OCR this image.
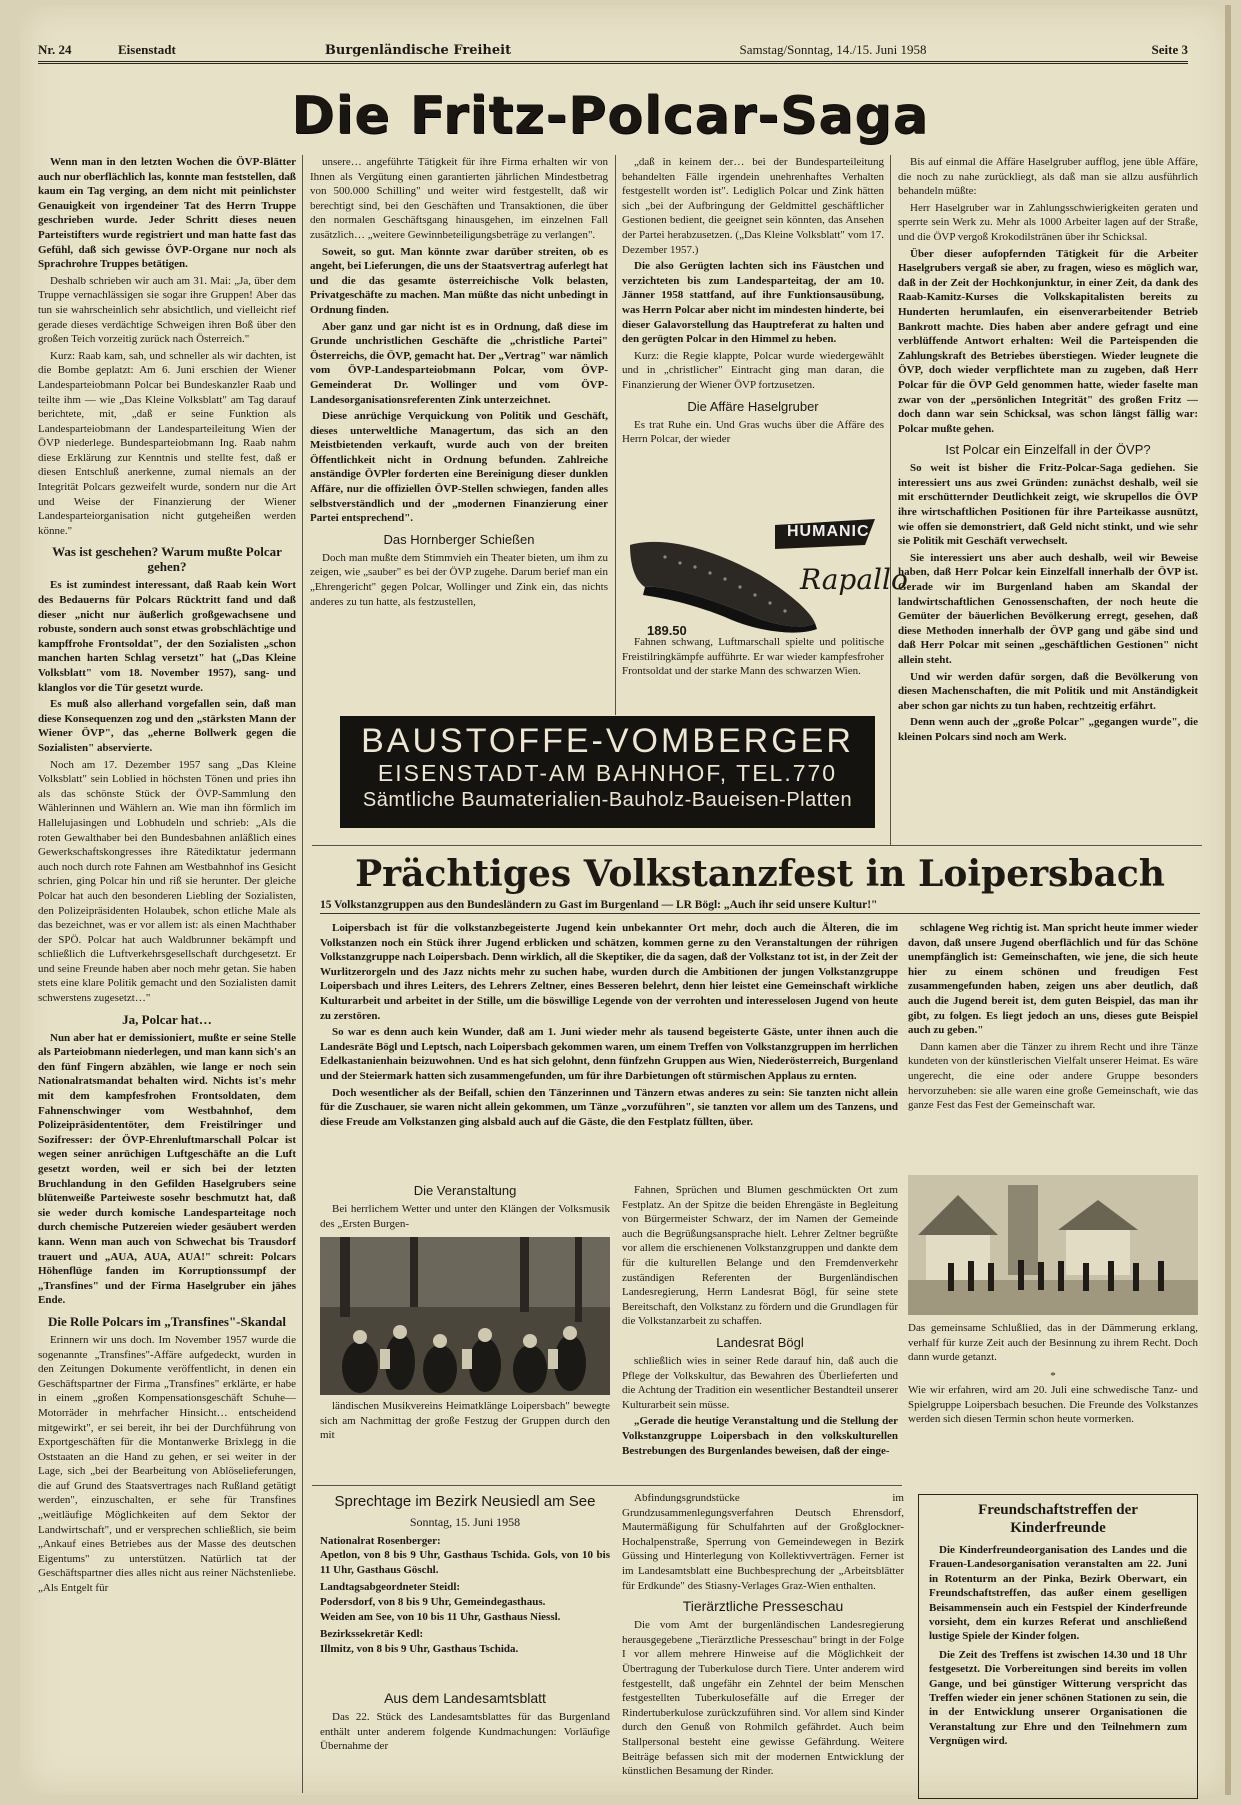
Nr. 24	Eisenstadt	Burgenländische Freiheit	Samstag/Sonntag, 14./15. Juni 1958	Seite 3
Die Fritz-Polcar-Saga

Wenn man in den letzten Wochen die ÖVP-Blätter auch nur oberflächlich las, konnte man feststellen, daß kaum ein Tag verging, an dem nicht mit peinlichster Genauigkeit von irgendeiner Tat des Herrn Truppe geschrieben wurde. Jeder Schritt dieses neuen Parteistifters wurde registriert und man hatte fast das Gefühl, daß sich gewisse ÖVP-Organe nur noch als Sprachrohre Truppes betätigen.

Deshalb schrieben wir auch am 31. Mai: „Ja, über dem Truppe vernachlässigen sie sogar ihre Gruppen! Aber das tun sie wahrscheinlich sehr absichtlich, und vielleicht rief gerade dieses verdächtige Schweigen ihren Boß über den großen Teich vorzeitig zurück nach Österreich."

Kurz: Raab kam, sah, und schneller als wir dachten, ist die Bombe geplatzt: Am 6. Juni erschien der Wiener Landesparteiobmann Polcar bei Bundeskanzler Raab und teilte ihm — wie „Das Kleine Volksblatt" am Tag darauf berichtete, mit, „daß er seine Funktion als Landesparteiobmann der Landesparteileitung Wien der ÖVP niederlege. Bundesparteiobmann Ing. Raab nahm diese Erklärung zur Kenntnis und stellte fest, daß er diesen Entschluß anerkenne, zumal niemals an der Integrität Polcars gezweifelt wurde, sondern nur die Art und Weise der Finanzierung der Wiener Landesparteiorganisation nicht gutgeheißen werden könne."

Was ist geschehen? Warum mußte Polcar gehen?

Es ist zumindest interessant, daß Raab kein Wort des Bedauerns für Polcars Rücktritt fand und daß dieser „nicht nur äußerlich großgewachsene und robuste, sondern auch sonst etwas grobschlächtige und kampffrohe Frontsoldat", der den Sozialisten „schon manchen harten Schlag versetzt" hat („Das Kleine Volksblatt" vom 18. November 1957), sang- und klanglos vor die Tür gesetzt wurde.

Es muß also allerhand vorgefallen sein, daß man diese Konsequenzen zog und den „stärksten Mann der Wiener ÖVP", das „eherne Bollwerk gegen die Sozialisten" abservierte.

Noch am 17. Dezember 1957 sang „Das Kleine Volksblatt" sein Loblied in höchsten Tönen und pries ihn als das schönste Stück der ÖVP-Sammlung den Wählerinnen und Wählern an. Wie man ihn förmlich im Hallelujasingen und Lobhudeln und schrieb: „Als die roten Gewalthaber bei den Bundesbahnen anläßlich eines Gewerkschaftskongresses ihre Rätediktatur jedermann auch noch durch rote Fahnen am Westbahnhof ins Gesicht schrien, ging Polcar hin und riß sie herunter. Der gleiche Polcar hat auch den besonderen Liebling der Sozialisten, den Polizeipräsidenten Holaubek, schon etliche Male als das bezeichnet, was er vor allem ist: als einen Machthaber der SPÖ. Polcar hat auch Waldbrunner bekämpft und schließlich die Luftverkehrsgesellschaft durchgesetzt. Er und seine Freunde haben aber noch mehr getan. Sie haben stets eine klare Politik gemacht und den Sozialisten damit schwerstens zugesetzt…"

Ja, Polcar hat…

Nun aber hat er demissioniert, mußte er seine Stelle als Parteiobmann niederlegen, und man kann sich's an den fünf Fingern abzählen, wie lange er noch sein Nationalratsmandat behalten wird. Nichts ist's mehr mit dem kampfesfrohen Frontsoldaten, dem Fahnenschwinger vom Westbahnhof, dem Polizeipräsidententöter, dem Freistilringer und Sozifresser: der ÖVP-Ehrenluftmarschall Polcar ist wegen seiner anrüchigen Luftgeschäfte an die Luft gesetzt worden, weil er sich bei der letzten Bruchlandung in den Gefilden Haselgrubers seine blütenweiße Parteiweste sosehr beschmutzt hat, daß sie weder durch komische Landesparteitage noch durch chemische Putzereien wieder gesäubert werden kann. Wenn man auch von Schwechat bis Trausdorf trauert und „AUA, AUA, AUA!" schreit: Polcars Höhenflüge fanden im Korruptionssumpf der „Transfines" und der Firma Haselgruber ein jähes Ende.

Die Rolle Polcars im „Transfines"-Skandal

Erinnern wir uns doch. Im November 1957 wurde die sogenannte „Transfines"-Affäre aufgedeckt, wurden in den Zeitungen Dokumente veröffentlicht, in denen ein Geschäftspartner der Firma „Transfines" erklärte, er habe in einem „großen Kompensationsgeschäft Schuhe—Motorräder in mehrfacher Hinsicht… entscheidend mitgewirkt", er sei bereit, ihr bei der Durchführung von Exportgeschäften für die Montanwerke Brixlegg in die Oststaaten an die Hand zu gehen, er sei weiter in der Lage, sich „bei der Bearbeitung von Ablöselieferungen, die auf Grund des Staatsvertrages nach Rußland getätigt werden", einzuschalten, er sehe für Transfines „weitläufige Möglichkeiten auf dem Sektor der Landwirtschaft", und er versprechen schließlich, sie beim „Ankauf eines Betriebes aus der Masse des deutschen Eigentums" zu unterstützen. Natürlich tat der Geschäftspartner dies alles nicht aus reiner Nächstenliebe. „Als Entgelt für

unsere… angeführte Tätigkeit für ihre Firma erhalten wir von Ihnen als Vergütung einen garantierten jährlichen Mindestbetrag von 500.000 Schilling" und weiter wird festgestellt, daß wir berechtigt sind, bei den Geschäften und Transaktionen, die über den normalen Geschäftsgang hinausgehen, im einzelnen Fall zusätzlich… „weitere Gewinnbeteiligungsbeträge zu verlangen".

Soweit, so gut. Man könnte zwar darüber streiten, ob es angeht, bei Lieferungen, die uns der Staatsvertrag auferlegt hat und die das gesamte österreichische Volk belasten, Privatgeschäfte zu machen. Man müßte das nicht unbedingt in Ordnung finden.

Aber ganz und gar nicht ist es in Ordnung, daß diese im Grunde unchristlichen Geschäfte die „christliche Partei" Österreichs, die ÖVP, gemacht hat. Der „Vertrag" war nämlich vom ÖVP-Landesparteiobmann Polcar, vom ÖVP-Gemeinderat Dr. Wollinger und vom ÖVP-Landesorganisationsreferenten Zink unterzeichnet.

Diese anrüchige Verquickung von Politik und Geschäft, dieses unterweltliche Managertum, das sich an den Meistbietenden verkauft, wurde auch von der breiten Öffentlichkeit nicht in Ordnung befunden. Zahlreiche anständige ÖVPler forderten eine Bereinigung dieser dunklen Affäre, nur die offiziellen ÖVP-Stellen schwiegen, fanden alles selbstverständlich und der „modernen Finanzierung einer Partei entsprechend".

Das Hornberger Schießen

Doch man mußte dem Stimmvieh ein Theater bieten, um ihm zu zeigen, wie „sauber" es bei der ÖVP zugehe. Darum berief man ein „Ehrengericht" gegen Polcar, Wollinger und Zink ein, das nichts anderes zu tun hatte, als festzustellen,

„daß in keinem der… bei der Bundesparteileitung behandelten Fälle irgendein unehrenhaftes Verhalten festgestellt worden ist". Lediglich Polcar und Zink hätten sich „bei der Aufbringung der Geldmittel geschäftlicher Gestionen bedient, die geeignet sein könnten, das Ansehen der Partei herabzusetzen. („Das Kleine Volksblatt" vom 17. Dezember 1957.)

Die also Gerügten lachten sich ins Fäustchen und verzichteten bis zum Landesparteitag, der am 10. Jänner 1958 stattfand, auf ihre Funktionsausübung, was Herrn Polcar aber nicht im mindesten hinderte, bei dieser Galavorstellung das Hauptreferat zu halten und den gerügten Polcar in den Himmel zu heben.

Kurz: die Regie klappte, Polcar wurde wiedergewählt und in „christlicher" Eintracht ging man daran, die Finanzierung der Wiener ÖVP fortzusetzen.

Die Affäre Haselgruber

Es trat Ruhe ein. Und Gras wuchs über die Affäre des Herrn Polcar, der wieder

HUMANIC
Rapallo
189.50

Fahnen schwang, Luftmarschall spielte und politische Freistilringkämpfe aufführte. Er war wieder kampfesfroher Frontsoldat und der starke Mann des schwarzen Wien.

Bis auf einmal die Affäre Haselgruber aufflog, jene üble Affäre, die noch zu nahe zurückliegt, als daß man sie allzu ausführlich behandeln müßte:

Herr Haselgruber war in Zahlungsschwierigkeiten geraten und sperrte sein Werk zu. Mehr als 1000 Arbeiter lagen auf der Straße, und die ÖVP vergoß Krokodilstränen über ihr Schicksal.

Über dieser aufopfernden Tätigkeit für die Arbeiter Haselgrubers vergaß sie aber, zu fragen, wieso es möglich war, daß in der Zeit der Hochkonjunktur, in einer Zeit, da dank des Raab-Kamitz-Kurses die Volkskapitalisten bereits zu Hunderten herumlaufen, ein eisenverarbeitender Betrieb Bankrott machte. Dies haben aber andere gefragt und eine verblüffende Antwort erhalten: Weil die Parteispenden die Zahlungskraft des Betriebes überstiegen. Wieder leugnete die ÖVP, doch wieder verpflichtete man zu zugeben, daß Herr Polcar für die ÖVP Geld genommen hatte, wieder faselte man zwar von der „persönlichen Integrität" des großen Fritz — doch dann war sein Schicksal, was schon längst fällig war: Polcar mußte gehen.

Ist Polcar ein Einzelfall in der ÖVP?

So weit ist bisher die Fritz-Polcar-Saga gediehen. Sie interessiert uns aus zwei Gründen: zunächst deshalb, weil sie mit erschütternder Deutlichkeit zeigt, wie skrupellos die ÖVP ihre wirtschaftlichen Positionen für ihre Parteikasse ausnützt, wie offen sie demonstriert, daß Geld nicht stinkt, und wie sehr sie Politik mit Geschäft verwechselt.

Sie interessiert uns aber auch deshalb, weil wir Beweise haben, daß Herr Polcar kein Einzelfall innerhalb der ÖVP ist. Gerade wir im Burgenland haben am Skandal der landwirtschaftlichen Genossenschaften, der noch heute die Gemüter der bäuerlichen Bevölkerung erregt, gesehen, daß diese Methoden innerhalb der ÖVP gang und gäbe sind und daß Herr Polcar mit seinen „geschäftlichen Gestionen" nicht allein steht.

Und wir werden dafür sorgen, daß die Bevölkerung von diesen Machenschaften, die mit Politik und mit Anständigkeit aber schon gar nichts zu tun haben, rechtzeitig erfährt.

Denn wenn auch der „große Polcar" „gegangen wurde", die kleinen Polcars sind noch am Werk.

BAUSTOFFE-VOMBERGER
EISENSTADT-AM BAHNHOF, TEL.770
Sämtliche Baumaterialien-Bauholz-Baueisen-Platten
Prächtiges Volkstanzfest in Loipersbach
15 Volkstanzgruppen aus den Bundesländern zu Gast im Burgenland — LR Bögl: „Auch ihr seid unsere Kultur!"

Loipersbach ist für die volkstanzbegeisterte Jugend kein unbekannter Ort mehr, doch auch die Älteren, die im Volkstanzen noch ein Stück ihrer Jugend erblicken und schätzen, kommen gerne zu den Veranstaltungen der rührigen Volkstanzgruppe nach Loipersbach. Denn wirklich, all die Skeptiker, die da sagen, daß der Volkstanz tot ist, in der Zeit der Wurlitzerorgeln und des Jazz nichts mehr zu suchen habe, wurden durch die Ambitionen der jungen Volkstanzgruppe Loipersbach und ihres Leiters, des Lehrers Zeltner, eines Besseren belehrt, denn hier leistet eine Gemeinschaft wirkliche Kulturarbeit und arbeitet in der Stille, um die böswillige Legende von der verrohten und interesselosen Jugend von heute zu zerstören.

So war es denn auch kein Wunder, daß am 1. Juni wieder mehr als tausend begeisterte Gäste, unter ihnen auch die Landesräte Bögl und Leptsch, nach Loipersbach gekommen waren, um einem Treffen von Volkstanzgruppen im herrlichen Edelkastanienhain beizuwohnen. Und es hat sich gelohnt, denn fünfzehn Gruppen aus Wien, Niederösterreich, Burgenland und der Steiermark hatten sich zusammengefunden, um für ihre Darbietungen oft stürmischen Applaus zu ernten.

Doch wesentlicher als der Beifall, schien den Tänzerinnen und Tänzern etwas anderes zu sein: Sie tanzten nicht allein für die Zuschauer, sie waren nicht allein gekommen, um Tänze „vorzuführen", sie tanzten vor allem um des Tanzens, und diese Freude am Volkstanzen ging alsbald auch auf die Gäste, die den Festplatz füllten, über.

schlagene Weg richtig ist. Man spricht heute immer wieder davon, daß unsere Jugend oberflächlich und für das Schöne unempfänglich ist: Gemeinschaften, wie jene, die sich heute hier zu einem schönen und freudigen Fest zusammengefunden haben, zeigen uns aber deutlich, daß auch die Jugend bereit ist, dem guten Beispiel, das man ihr gibt, zu folgen. Es liegt jedoch an uns, dieses gute Beispiel auch zu geben."

Dann kamen aber die Tänzer zu ihrem Recht und ihre Tänze kundeten von der künstlerischen Vielfalt unserer Heimat. Es wäre ungerecht, die eine oder andere Gruppe besonders hervorzuheben: sie alle waren eine große Gemeinschaft, wie das ganze Fest das Fest der Gemeinschaft war.

Die Veranstaltung

Bei herrlichem Wetter und unter den Klängen der Volksmusik des „Ersten Burgen-

ländischen Musikvereins Heimatklänge Loipersbach" bewegte sich am Nachmittag der große Festzug der Gruppen durch den mit

Fahnen, Sprüchen und Blumen geschmückten Ort zum Festplatz. An der Spitze die beiden Ehrengäste in Begleitung von Bürgermeister Schwarz, der im Namen der Gemeinde auch die Begrüßungsansprache hielt. Lehrer Zeltner begrüßte vor allem die erschienenen Volkstanzgruppen und dankte dem für die kulturellen Belange und den Fremdenverkehr zuständigen Referenten der Burgenländischen Landesregierung, Herrn Landesrat Bögl, für seine stete Bereitschaft, den Volkstanz zu fördern und die Grundlagen für die Volkstanzarbeit zu schaffen.

Landesrat Bögl

schließlich wies in seiner Rede darauf hin, daß auch die Pflege der Volkskultur, das Bewahren des Überlieferten und die Achtung der Tradition ein wesentlicher Bestandteil unserer Kulturarbeit sein müsse.

„Gerade die heutige Veranstaltung und die Stellung der Volkstanzgruppe Loipersbach in den volkskulturellen Bestrebungen des Burgenlandes beweisen, daß der einge-

Das gemeinsame Schlußlied, das in der Dämmerung erklang, verhalf für kurze Zeit auch der Besinnung zu ihrem Recht. Doch dann wurde getanzt.
*
Wie wir erfahren, wird am 20. Juli eine schwedische Tanz- und Spielgruppe Loipersbach besuchen. Die Freunde des Volkstanzes werden sich diesen Termin schon heute vormerken.
Sprechtage im Bezirk Neusiedl am See
Sonntag, 15. Juni 1958
Nationalrat Rosenberger:
Apetlon, von 8 bis 9 Uhr, Gasthaus Tschida. Gols, von 10 bis 11 Uhr, Gasthaus Göschl.
Landtagsabgeordneter Steidl:
Podersdorf, von 8 bis 9 Uhr, Gemeindegasthaus.
Weiden am See, von 10 bis 11 Uhr, Gasthaus Niessl.
Bezirkssekretär Kedl:
Illmitz, von 8 bis 9 Uhr, Gasthaus Tschida.
Aus dem Landesamtsblatt

Das 22. Stück des Landesamtsblattes für das Burgenland enthält unter anderem folgende Kundmachungen: Vorläufige Übernahme der

Abfindungsgrundstücke im Grundzusammenlegungsverfahren Deutsch Ehrensdorf, Mautermäßigung für Schulfahrten auf der Großglockner-Hochalpenstraße, Sperrung von Gemeindewegen in Bezirk Güssing und Hinterlegung von Kollektivverträgen. Ferner ist im Landesamtsblatt eine Buchbesprechung der „Arbeitsblätter für Erdkunde" des Stiasny-Verlages Graz-Wien enthalten.

Tierärztliche Presseschau

Die vom Amt der burgenländischen Landesregierung herausgegebene „Tierärztliche Presseschau" bringt in der Folge I vor allem mehrere Hinweise auf die Möglichkeit der Übertragung der Tuberkulose durch Tiere. Unter anderem wird festgestellt, daß ungefähr ein Zehntel der beim Menschen festgestellten Tuberkulosefälle auf die Erreger der Rindertuberkulose zurückzuführen sind. Vor allem sind Kinder durch den Genuß von Rohmilch gefährdet. Auch beim Stallpersonal besteht eine gewisse Gefährdung. Weitere Beiträge befassen sich mit der modernen Entwicklung der künstlichen Besamung der Rinder.

Freundschaftstreffen der Kinderfreunde

Die Kinderfreundeorganisation des Landes und die Frauen-Landesorganisation veranstalten am 22. Juni in Rotenturm an der Pinka, Bezirk Oberwart, ein Freundschaftstreffen, das außer einem geselligen Beisammensein auch ein Festspiel der Kinderfreunde vorsieht, dem ein kurzes Referat und anschließend lustige Spiele der Kinder folgen.

Die Zeit des Treffens ist zwischen 14.30 und 18 Uhr festgesetzt. Die Vorbereitungen sind bereits im vollen Gange, und bei günstiger Witterung verspricht das Treffen wieder ein jener schönen Stationen zu sein, die in der Entwicklung unserer Organisationen die Veranstaltung zur Ehre und den Teilnehmern zum Vergnügen wird.
